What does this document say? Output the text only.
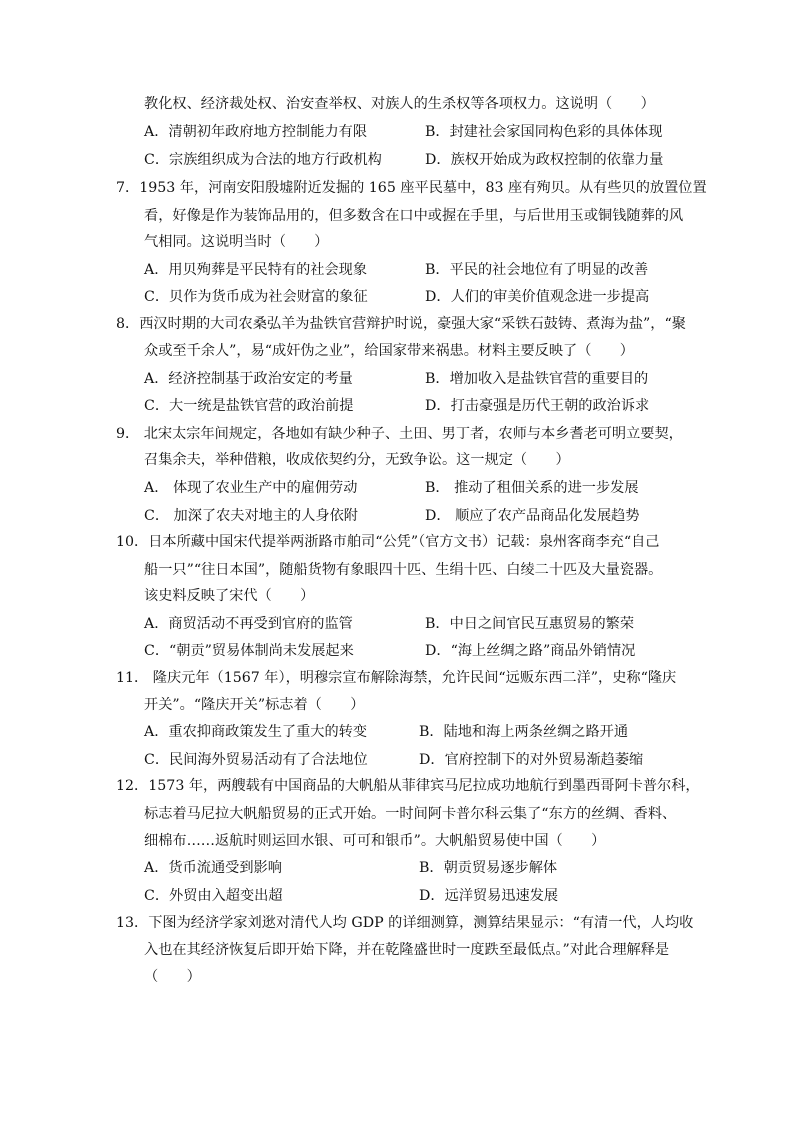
教化权、经济裁处权、治安查举权、对族人的生杀权等各项权力。这说明（　　）
A．清朝初年政府地方控制能力有限	B．封建社会家国同构色彩的具体体现
C．宗族组织成为合法的地方行政机构	D．族权开始成为政权控制的依靠力量
7．1953 年，河南安阳殷墟附近发掘的 165 座平民墓中，83 座有殉贝。从有些贝的放置位置
看，好像是作为装饰品用的，但多数含在口中或握在手里，与后世用玉或铜钱随葬的风
气相同。这说明当时（　　）
A．用贝殉葬是平民特有的社会现象	B．平民的社会地位有了明显的改善
C．贝作为货币成为社会财富的象征	D．人们的审美价值观念进一步提高
8．西汉时期的大司农桑弘羊为盐铁官营辩护时说，豪强大家“采铁石鼓铸、煮海为盐”，“聚
众或至千余人”，易“成奸伪之业”，给国家带来祸患。材料主要反映了（　　）
A．经济控制基于政治安定的考量	B．增加收入是盐铁官营的重要目的
C．大一统是盐铁官营的政治前提	D．打击豪强是历代王朝的政治诉求
9． 北宋太宗年间规定，各地如有缺少种子、土田、男丁者，农师与本乡耆老可明立要契，
召集余夫，举种借粮，收成依契约分，无致争讼。这一规定（　　）
A． 体现了农业生产中的雇佣劳动	B． 推动了租佃关系的进一步发展
C． 加深了农夫对地主的人身依附	D． 顺应了农产品商品化发展趋势
10．日本所藏中国宋代提举两浙路市舶司“公凭”（官方文书）记载：泉州客商李充“自己
船一只”“往日本国”，随船货物有象眼四十匹、生绢十匹、白绫二十匹及大量瓷器。
该史料反映了宋代（　　）
A．商贸活动不再受到官府的监管	B．中日之间官民互惠贸易的繁荣
C．“朝贡”贸易体制尚未发展起来	D．“海上丝绸之路”商品外销情况
11． 隆庆元年（1567 年），明穆宗宣布解除海禁，允许民间“远贩东西二洋”，史称“隆庆
开关”。“隆庆开关”标志着（　　）
A．重农抑商政策发生了重大的转变	B．陆地和海上两条丝绸之路开通
C．民间海外贸易活动有了合法地位	D．官府控制下的对外贸易渐趋萎缩
12．1573 年，两艘载有中国商品的大帆船从菲律宾马尼拉成功地航行到墨西哥阿卡普尔科，
标志着马尼拉大帆船贸易的正式开始。一时间阿卡普尔科云集了“东方的丝绸、香料、
细棉布……返航时则运回水银、可可和银币”。大帆船贸易使中国（　　）
A．货币流通受到影响	B．朝贡贸易逐步解体
C．外贸由入超变出超	D．远洋贸易迅速发展
13．下图为经济学家刘逖对清代人均 GDP 的详细测算，测算结果显示：“有清一代，人均收
入也在其经济恢复后即开始下降，并在乾隆盛世时一度跌至最低点。”对此合理解释是
（　　）
